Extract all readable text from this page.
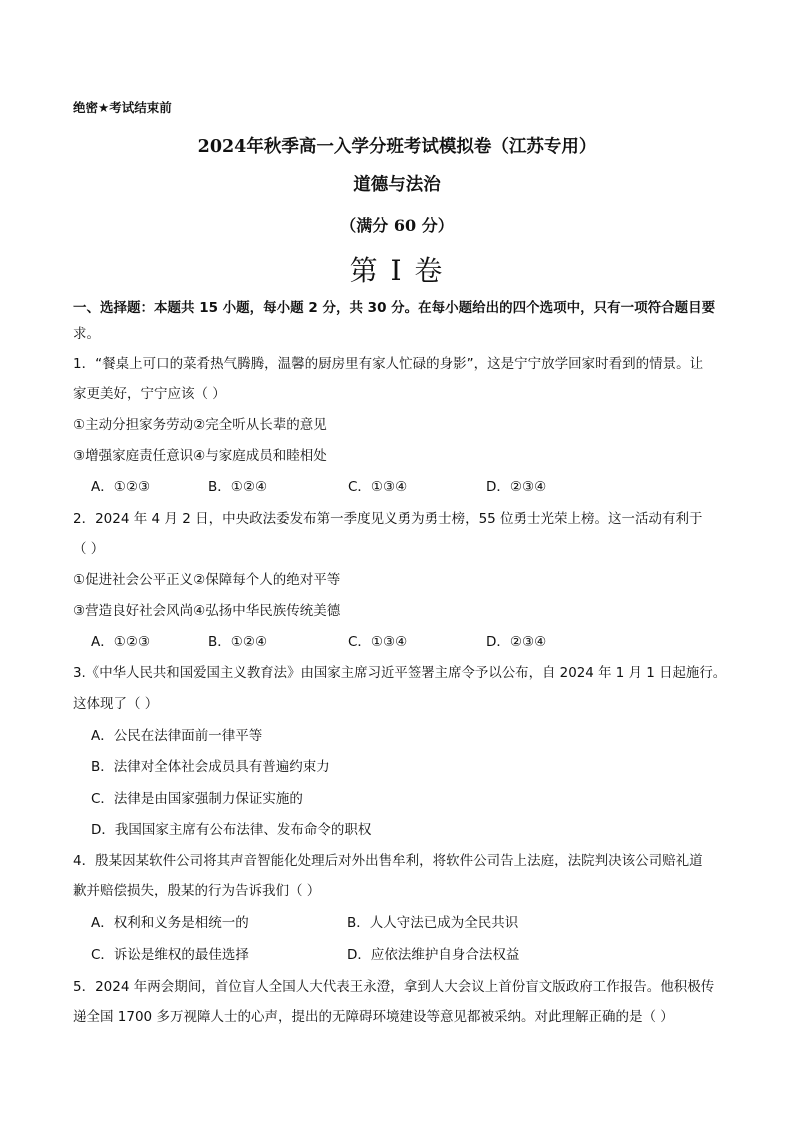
绝密★考试结束前
2024年秋季高一入学分班考试模拟卷（江苏专用）
道德与法治
（满分 60 分）
第 I 卷
一、选择题：本题共 15 小题，每小题 2 分，共 30 分。在每小题给出的四个选项中，只有一项符合题目要
求。
1．“餐桌上可口的菜肴热气腾腾，温馨的厨房里有家人忙碌的身影”，这是宁宁放学回家时看到的情景。让
家更美好，宁宁应该（ ）
①主动分担家务劳动②完全听从长辈的意见
③增强家庭责任意识④与家庭成员和睦相处
A．①②③	B．①②④	C．①③④	D．②③④
2．2024 年 4 月 2 日，中央政法委发布第一季度见义勇为勇士榜，55 位勇士光荣上榜。这一活动有利于
（ ）
①促进社会公平正义②保障每个人的绝对平等
③营造良好社会风尚④弘扬中华民族传统美德
A．①②③	B．①②④	C．①③④	D．②③④
3.《中华人民共和国爱国主义教育法》由国家主席习近平签署主席令予以公布，自 2024 年 1 月 1 日起施行。
这体现了（ ）
A．公民在法律面前一律平等
B．法律对全体社会成员具有普遍约束力
C．法律是由国家强制力保证实施的
D．我国国家主席有公布法律、发布命令的职权
4．殷某因某软件公司将其声音智能化处理后对外出售牟利，将软件公司告上法庭，法院判决该公司赔礼道
歉并赔偿损失，殷某的行为告诉我们（ ）
A．权利和义务是相统一的	B．人人守法已成为全民共识
C．诉讼是维权的最佳选择	D．应依法维护自身合法权益
5．2024 年两会期间，首位盲人全国人大代表王永澄，拿到人大会议上首份盲文版政府工作报告。他积极传
递全国 1700 多万视障人士的心声，提出的无障碍环境建设等意见都被采纳。对此理解正确的是（ ）
